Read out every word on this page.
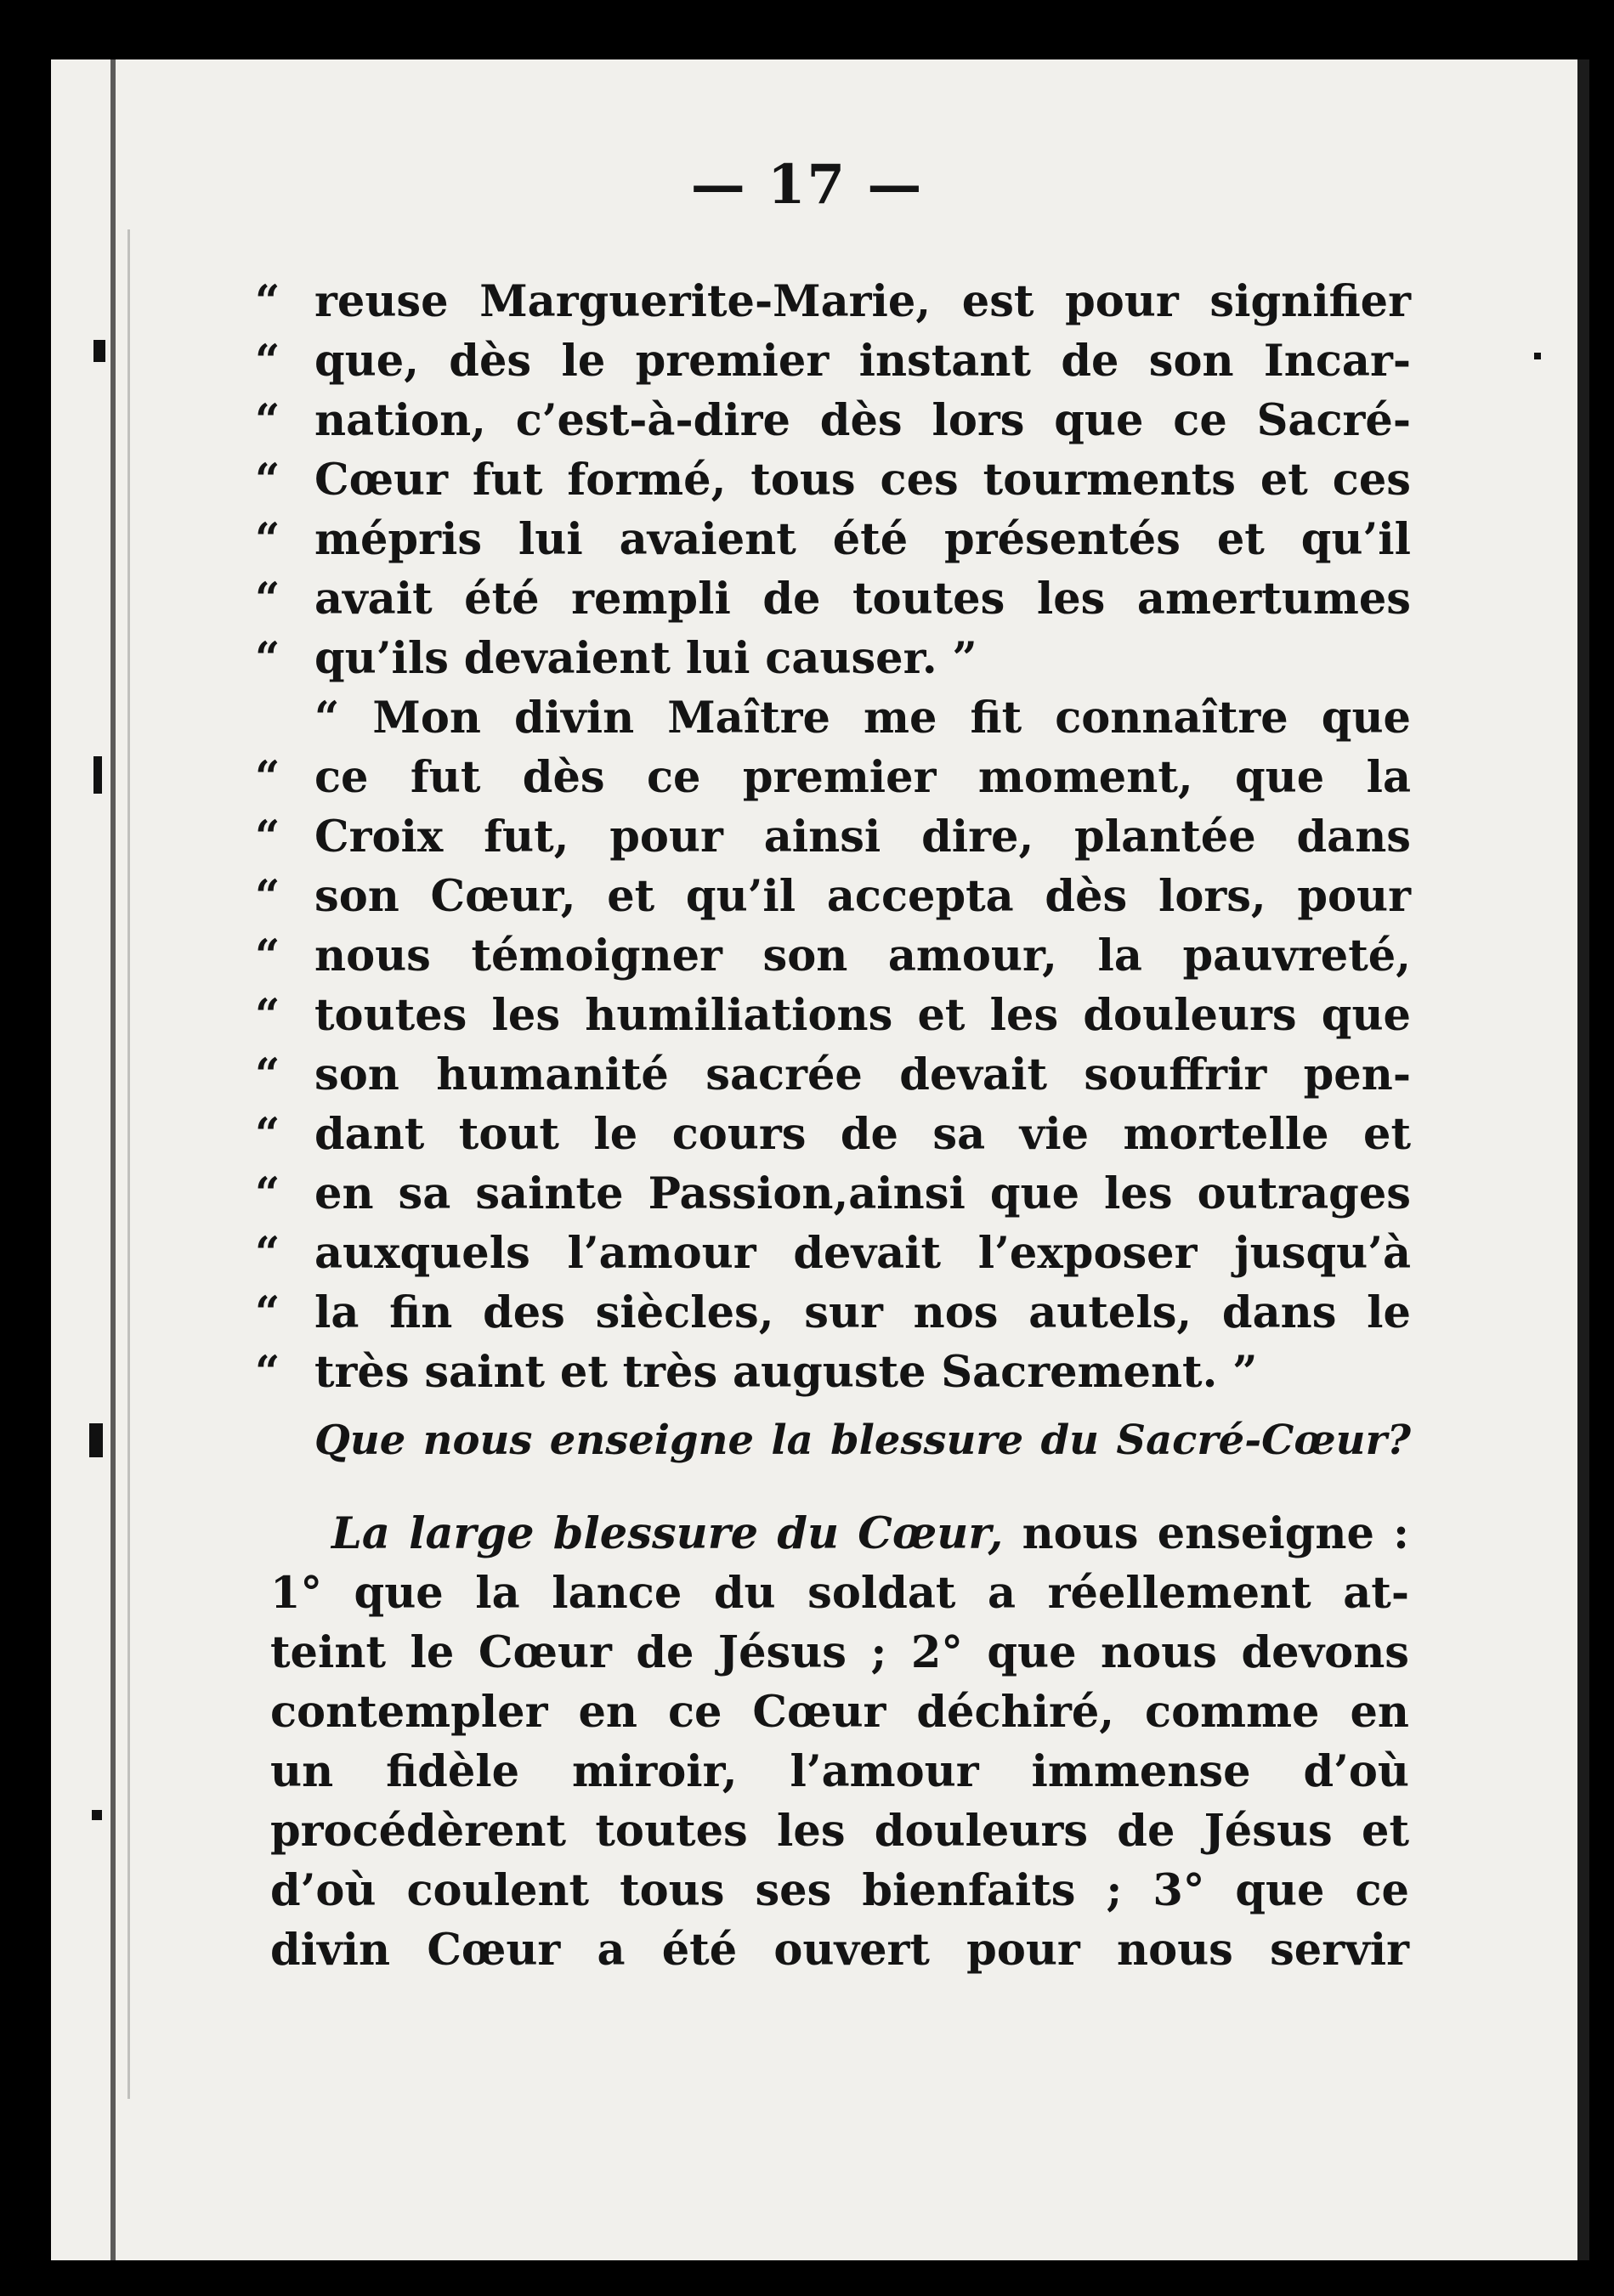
— 17 —
“ reuse Marguerite-Marie, est pour signifier
“ que, dès le premier instant de son Incar-
“ nation, c’est-à-dire dès lors que ce Sacré-
“ Cœur fut formé, tous ces tourments et ces
“ mépris lui avaient été présentés et qu’il
“ avait été rempli de toutes les amertumes
“ qu’ils devaient lui causer. ”
“ Mon divin Maître me fit connaître que
“ ce fut dès ce premier moment, que la
“ Croix fut, pour ainsi dire, plantée dans
“ son Cœur, et qu’il accepta dès lors, pour
“ nous témoigner son amour, la pauvreté,
“ toutes les humiliations et les douleurs que
“ son humanité sacrée devait souffrir pen-
“ dant tout le cours de sa vie mortelle et
“ en sa sainte Passion,ainsi que les outrages
“ auxquels l’amour devait l’exposer jusqu’à
“ la fin des siècles, sur nos autels, dans le
“ très saint et très auguste Sacrement. ”
Que nous enseigne la blessure du Sacré-Cœur?
La large blessure du Cœur, nous enseigne :
1° que la lance du soldat a réellement at-
teint le Cœur de Jésus ; 2° que nous devons
contempler en ce Cœur déchiré, comme en
un fidèle miroir, l’amour immense d’où
procédèrent toutes les douleurs de Jésus et
d’où coulent tous ses bienfaits ; 3° que ce
divin Cœur a été ouvert pour nous servir
